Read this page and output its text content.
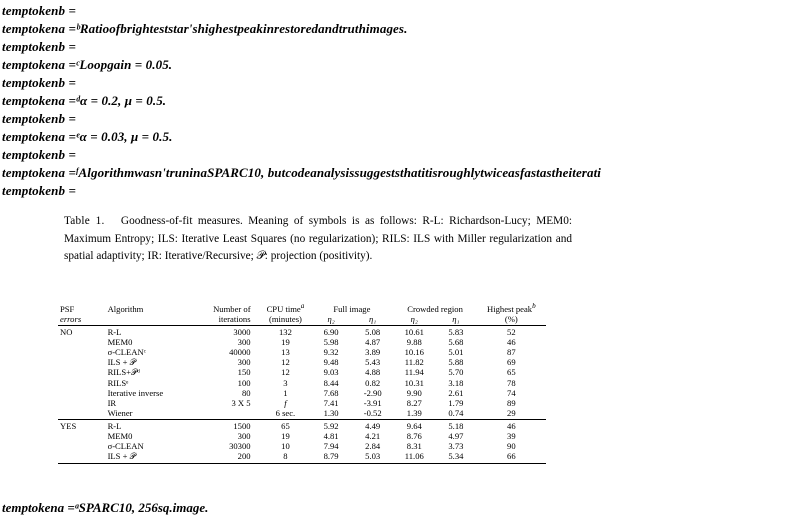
temptokenb =
temptokena =ᵇRatioofbrighteststar'shighestpeakinrestoredandtruthimages.
temptokenb =
temptokena =ᶜLoopgain = 0.05.
temptokenb =
temptokena =ᵈα = 0.2, μ = 0.5.
temptokenb =
temptokena =ᵉα = 0.03, μ = 0.5.
temptokenb =
temptokena =ᶠAlgorithmwasn'truninaSPARC10, butcodeanalysissuggeststhatitisroughlytwiceasfastastheiterati
temptokenb =
Table 1. Goodness-of-fit measures. Meaning of symbols is as follows: R-L: Richardson-Lucy; MEM0: Maximum Entropy; ILS: Iterative Least Squares (no regularization); RILS: ILS with Miller regularization and spatial adaptivity; IR: Iterative/Recursive; 𝒫: projection (positivity).
PSF	Algorithm	Number of	CPU time$^a$	Full image		Crowded region		Highest peak$^b$
errors		iterations	(minutes)	η₂	η₁	η₂	η₁	(%)
NO	R-L	3000	132	6.90	5.08	10.61	5.83	52
	MEM0	300	19	5.98	4.87	9.88	5.68	46
	σ-CLEANᶜ	40000	13	9.32	3.89	10.16	5.01	87
	ILS + 𝒫	300	12	9.48	5.43	11.82	5.88	69
	RILS+𝒫ᵈ	150	12	9.03	4.88	11.94	5.70	65
	RILSᵉ	100	3	8.44	0.82	10.31	3.18	78
	Iterative inverse	80	1	7.68	-2.90	9.90	2.61	74
	IR	3 X 5	f	7.41	-3.91	8.27	1.79	89
	Wiener		6 sec.	1.30	-0.52	1.39	0.74	29
YES	R-L	1500	65	5.92	4.49	9.64	5.18	46
	MEM0	300	19	4.81	4.21	8.76	4.97	39
	σ-CLEAN	30300	10	7.94	2.84	8.31	3.73	90
	ILS + 𝒫	200	8	8.79	5.03	11.06	5.34	66
temptokena =ᵃSPARC10, 256sq.image.
